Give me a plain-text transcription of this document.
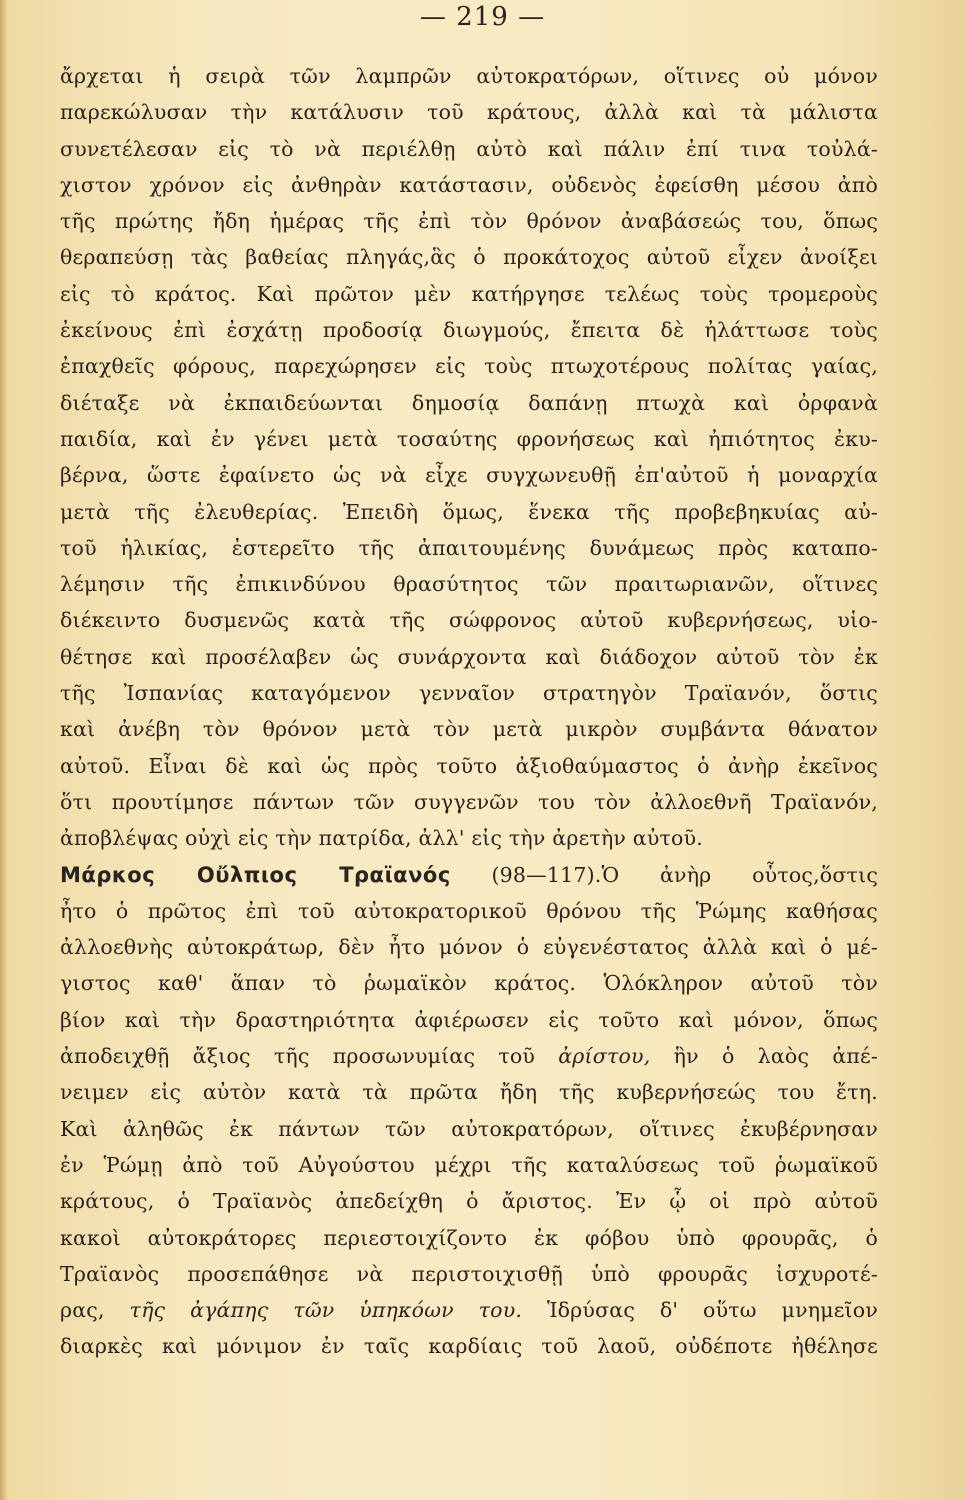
— 219 —
ἄρχεται ἡ σειρὰ τῶν λαμπρῶν αὐτοκρατόρων, οἵτινες οὐ μόνον
παρεκώλυσαν τὴν κατάλυσιν τοῦ κράτους, ἀλλὰ καὶ τὰ μάλιστα
συνετέλεσαν εἰς τὸ νὰ περιέλθῃ αὐτὸ καὶ πάλιν ἐπί τινα τοὐλά-
χιστον χρόνον εἰς ἀνθηρὰν κατάστασιν, οὐδενὸς ἐφείσθη μέσου ἀπὸ
τῆς πρώτης ἤδη ἡμέρας τῆς ἐπὶ τὸν θρόνον ἀναβάσεώς του, ὅπως
θεραπεύσῃ τὰς βαθείας πληγάς,ἃς ὁ προκάτοχος αὐτοῦ εἶχεν ἀνοίξει
εἰς τὸ κράτος. Καὶ πρῶτον μὲν κατήργησε τελέως τοὺς τρομεροὺς
ἐκείνους ἐπὶ ἐσχάτῃ προδοσίᾳ διωγμούς, ἔπειτα δὲ ἠλάττωσε τοὺς
ἐπαχθεῖς φόρους, παρεχώρησεν εἰς τοὺς πτωχοτέρους πολίτας γαίας,
διέταξε νὰ ἐκπαιδεύωνται δημοσίᾳ δαπάνῃ πτωχὰ καὶ ὀρφανὰ
παιδία, καὶ ἐν γένει μετὰ τοσαύτης φρονήσεως καὶ ἠπιότητος ἐκυ-
βέρνα, ὥστε ἐφαίνετο ὡς νὰ εἶχε συγχωνευθῇ ἐπ'αὐτοῦ ἡ μοναρχία
μετὰ τῆς ἐλευθερίας. Ἐπειδὴ ὅμως, ἕνεκα τῆς προβεβηκυίας αὐ-
τοῦ ἡλικίας, ἐστερεῖτο τῆς ἀπαιτουμένης δυνάμεως πρὸς καταπο-
λέμησιν τῆς ἐπικινδύνου θρασύτητος τῶν πραιτωριανῶν, οἵτινες
διέκειντο δυσμενῶς κατὰ τῆς σώφρονος αὐτοῦ κυβερνήσεως, υἱο-
θέτησε καὶ προσέλαβεν ὡς συνάρχοντα καὶ διάδοχον αὐτοῦ τὸν ἐκ
τῆς Ἰσπανίας καταγόμενον γενναῖον στρατηγὸν Τραϊανόν, ὅστις
καὶ ἀνέβη τὸν θρόνον μετὰ τὸν μετὰ μικρὸν συμβάντα θάνατον
αὐτοῦ. Εἶναι δὲ καὶ ὡς πρὸς τοῦτο ἀξιοθαύμαστος ὁ ἀνὴρ ἐκεῖνος
ὅτι προυτίμησε πάντων τῶν συγγενῶν του τὸν ἀλλοεθνῆ Τραϊανόν,
ἀποβλέψας οὐχὶ εἰς τὴν πατρίδα, ἀλλ' εἰς τὴν ἀρετὴν αὐτοῦ.
Μάρκος Οὔλπιος Τραϊανός (98—117).Ὁ ἀνὴρ οὗτος,ὅστις
ἦτο ὁ πρῶτος ἐπὶ τοῦ αὐτοκρατορικοῦ θρόνου τῆς Ῥώμης καθήσας
ἀλλοεθνὴς αὐτοκράτωρ, δὲν ἦτο μόνον ὁ εὐγενέστατος ἀλλὰ καὶ ὁ μέ-
γιστος καθ' ἅπαν τὸ ῥωμαϊκὸν κράτος. Ὁλόκληρον αὐτοῦ τὸν
βίον καὶ τὴν δραστηριότητα ἀφιέρωσεν εἰς τοῦτο καὶ μόνον, ὅπως
ἀποδειχθῇ ἄξιος τῆς προσωνυμίας τοῦ ἀρίστου, ἣν ὁ λαὸς ἀπέ-
νειμεν εἰς αὐτὸν κατὰ τὰ πρῶτα ἤδη τῆς κυβερνήσεώς του ἔτη.
Καὶ ἀληθῶς ἐκ πάντων τῶν αὐτοκρατόρων, οἵτινες ἐκυβέρνησαν
ἐν Ῥώμῃ ἀπὸ τοῦ Αὐγούστου μέχρι τῆς καταλύσεως τοῦ ῥωμαϊκοῦ
κράτους, ὁ Τραϊανὸς ἀπεδείχθη ὁ ἄριστος. Ἐν ᾧ οἱ πρὸ αὐτοῦ
κακοὶ αὐτοκράτορες περιεστοιχίζοντο ἐκ φόβου ὑπὸ φρουρᾶς, ὁ
Τραϊανὸς προσεπάθησε νὰ περιστοιχισθῇ ὑπὸ φρουρᾶς ἰσχυροτέ-
ρας, τῆς ἀγάπης τῶν ὑπηκόων του. Ἱδρύσας δ' οὕτω μνημεῖον
διαρκὲς καὶ μόνιμον ἐν ταῖς καρδίαις τοῦ λαοῦ, οὐδέποτε ἠθέλησε
